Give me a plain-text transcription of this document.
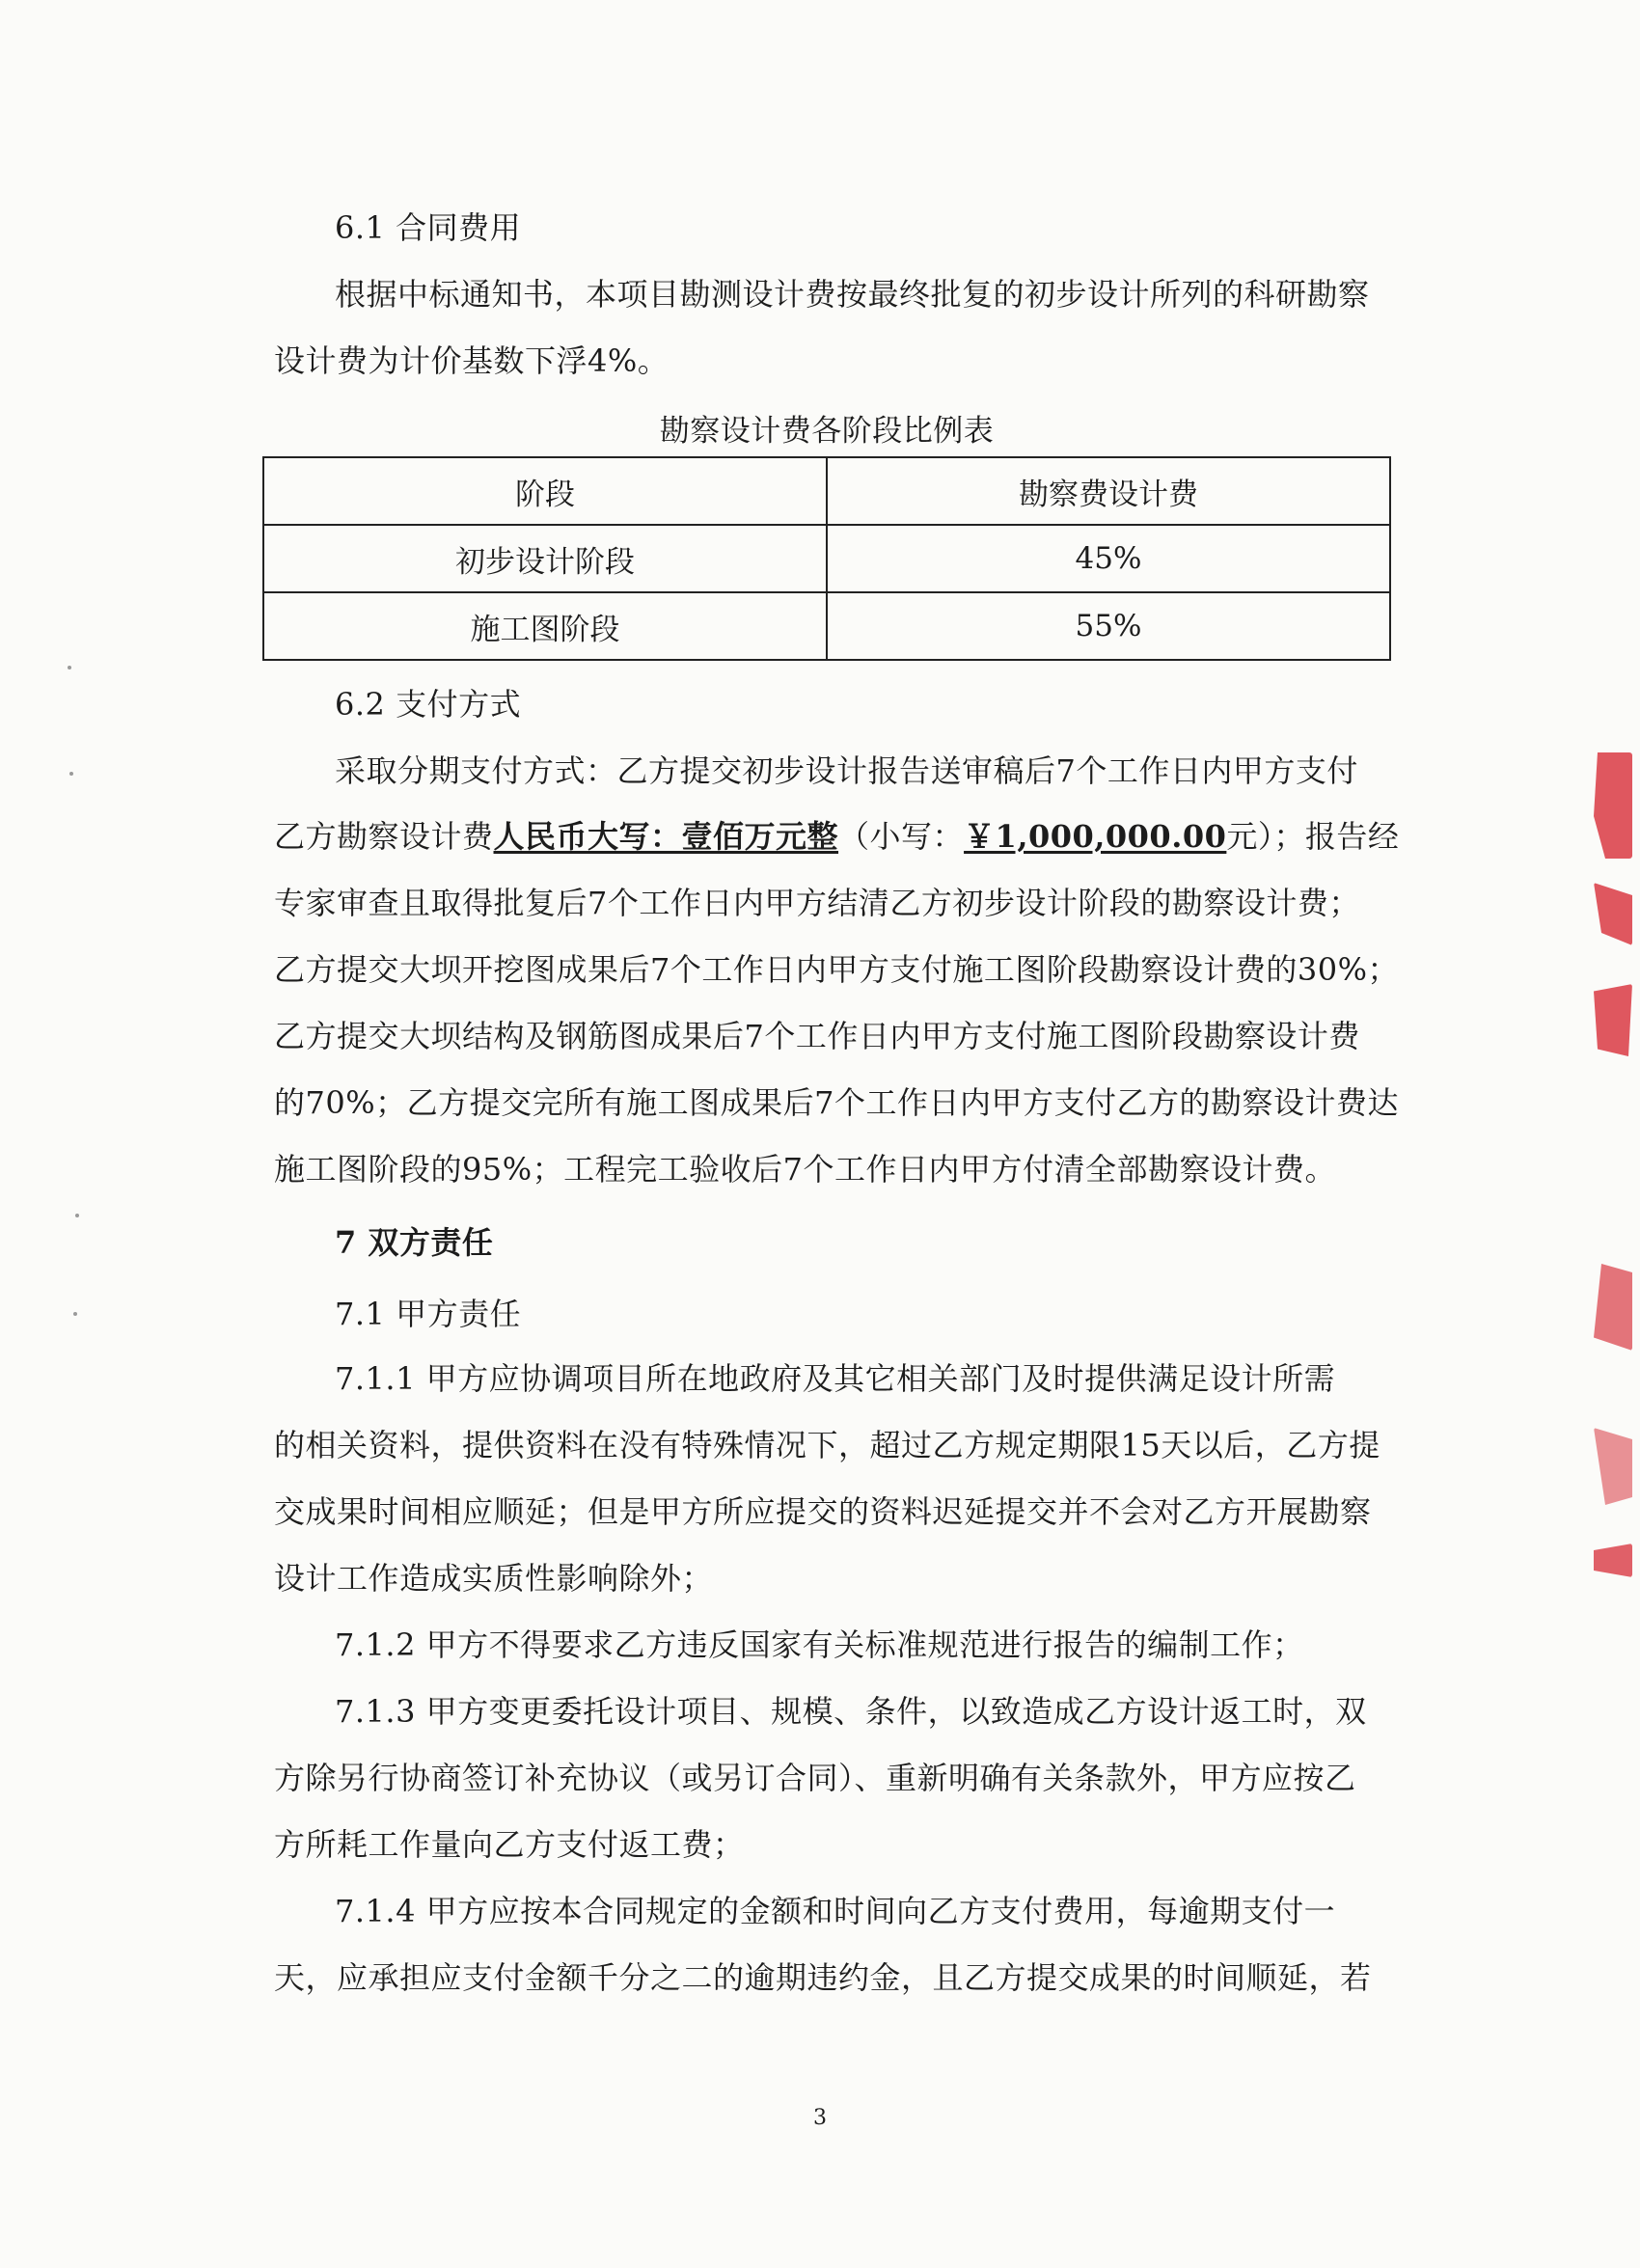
6.1 合同费用
根据中标通知书，本项目勘测设计费按最终批复的初步设计所列的科研勘察
设计费为计价基数下浮4%。
勘察设计费各阶段比例表
阶段	勘察费设计费
初步设计阶段	45%
施工图阶段	55%
6.2 支付方式
采取分期支付方式：乙方提交初步设计报告送审稿后7个工作日内甲方支付
乙方勘察设计费人民币大写：壹佰万元整（小写：￥1,000,000.00元）；报告经
专家审查且取得批复后7个工作日内甲方结清乙方初步设计阶段的勘察设计费；
乙方提交大坝开挖图成果后7个工作日内甲方支付施工图阶段勘察设计费的30%；
乙方提交大坝结构及钢筋图成果后7个工作日内甲方支付施工图阶段勘察设计费
的70%；乙方提交完所有施工图成果后7个工作日内甲方支付乙方的勘察设计费达
施工图阶段的95%；工程完工验收后7个工作日内甲方付清全部勘察设计费。
7 双方责任
7.1 甲方责任
7.1.1 甲方应协调项目所在地政府及其它相关部门及时提供满足设计所需
的相关资料，提供资料在没有特殊情况下，超过乙方规定期限15天以后，乙方提
交成果时间相应顺延；但是甲方所应提交的资料迟延提交并不会对乙方开展勘察
设计工作造成实质性影响除外；
7.1.2 甲方不得要求乙方违反国家有关标准规范进行报告的编制工作；
7.1.3 甲方变更委托设计项目、规模、条件，以致造成乙方设计返工时，双
方除另行协商签订补充协议（或另订合同）、重新明确有关条款外，甲方应按乙
方所耗工作量向乙方支付返工费；
7.1.4 甲方应按本合同规定的金额和时间向乙方支付费用，每逾期支付一
天，应承担应支付金额千分之二的逾期违约金，且乙方提交成果的时间顺延，若
3
